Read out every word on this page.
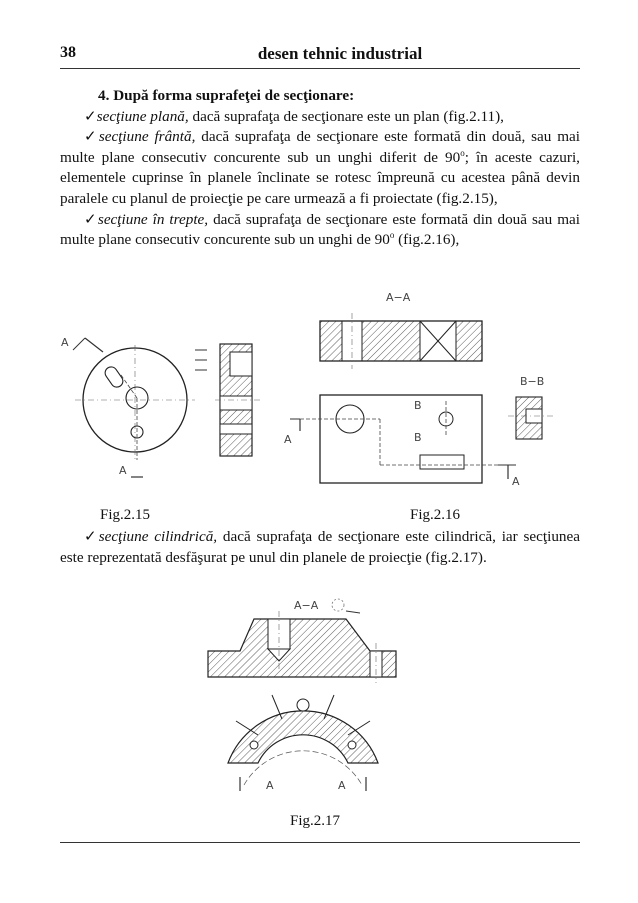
38	desen tehnic industrial

4. După forma suprafeţei de secţionare:

✓secţiune plană, dacă suprafaţa de secţionare este un plan (fig.2.11),

✓secţiune frântă, dacă suprafaţa de secţionare este formată din două, sau mai multe plane consecutiv concurente sub un unghi diferit de 90$^o$; în aceste cazuri, elementele cuprinse în planele înclinate se rotesc împreună cu acestea până devin paralele cu planul de proiecţie pe care urmează a fi proiectate (fig.2.15),

✓secţiune în trepte, dacă suprafaţa de secţionare este formată din două sau mai multe plane consecutiv concurente sub un unghi de 90$^o$ (fig.2.16),

A
A
A−A
A
A
B
B
B−B
Fig.2.15	Fig.2.16

✓secţiune cilindrică, dacă suprafaţa de secţionare este cilindrică, iar secţiunea este reprezentată desfăşurat pe unul din planele de proiecţie (fig.2.17).

A−A
A	A
Fig.2.17
